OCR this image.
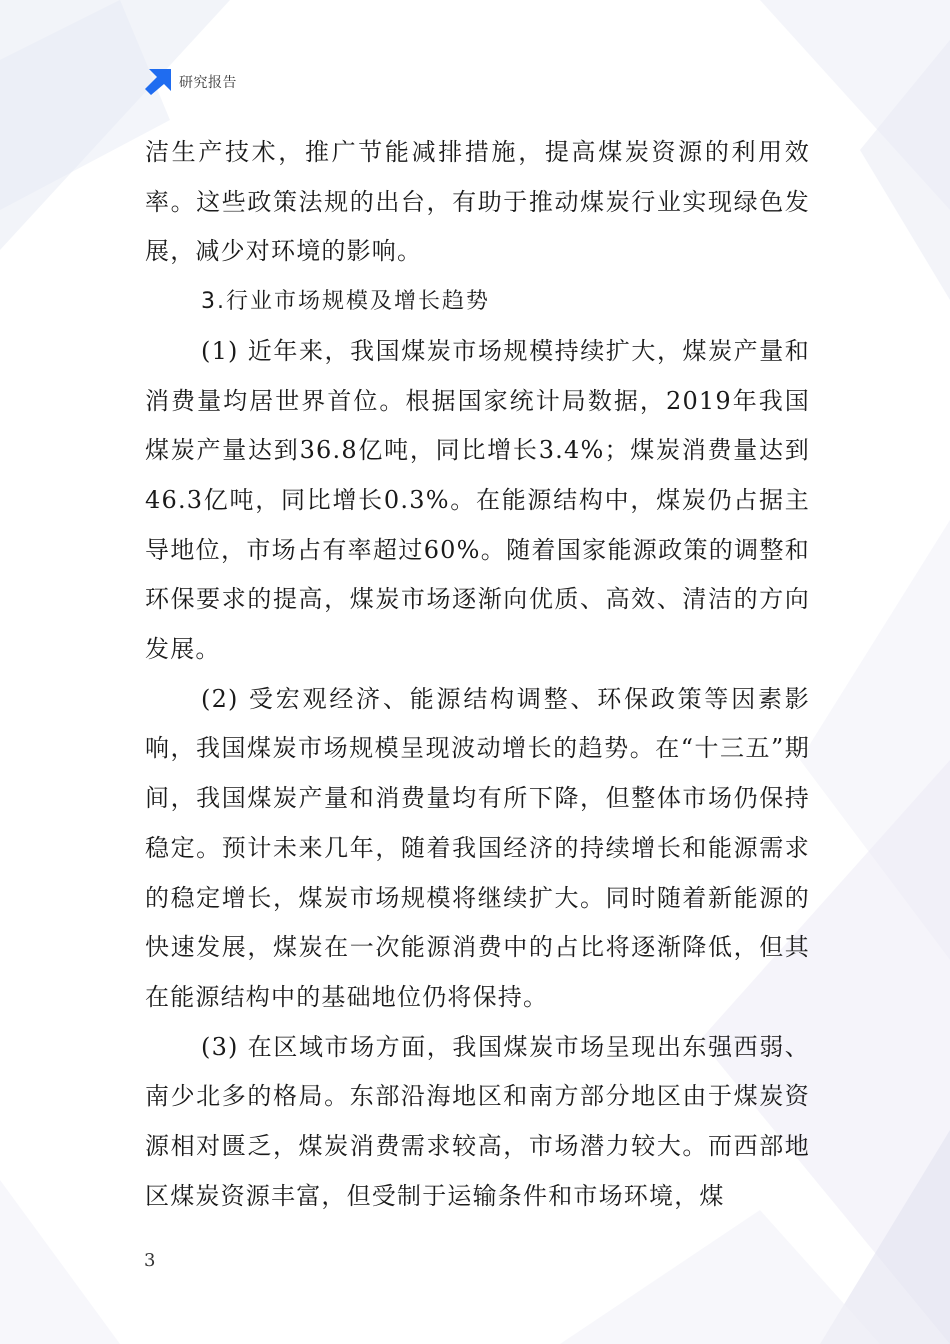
研究报告

洁生产技术，推广节能减排措施，提高煤炭资源的利用效率。这些政策法规的出台，有助于推动煤炭行业实现绿色发展，减少对环境的影响。

3.行业市场规模及增长趋势

(1) 近年来，我国煤炭市场规模持续扩大，煤炭产量和消费量均居世界首位。根据国家统计局数据，2019年我国煤炭产量达到36.8亿吨，同比增长3.4%；煤炭消费量达到46.3亿吨，同比增长0.3%。在能源结构中，煤炭仍占据主导地位，市场占有率超过60%。随着国家能源政策的调整和环保要求的提高，煤炭市场逐渐向优质、高效、清洁的方向发展。

(2) 受宏观经济、能源结构调整、环保政策等因素影响，我国煤炭市场规模呈现波动增长的趋势。在“十三五”期间，我国煤炭产量和消费量均有所下降，但整体市场仍保持稳定。预计未来几年，随着我国经济的持续增长和能源需求的稳定增长，煤炭市场规模将继续扩大。同时随着新能源的快速发展，煤炭在一次能源消费中的占比将逐渐降低，但其在能源结构中的基础地位仍将保持。

(3) 在区域市场方面，我国煤炭市场呈现出东强西弱、南少北多的格局。东部沿海地区和南方部分地区由于煤炭资源相对匮乏，煤炭消费需求较高，市场潜力较大。而西部地区煤炭资源丰富，但受制于运输条件和市场环境，煤

3
